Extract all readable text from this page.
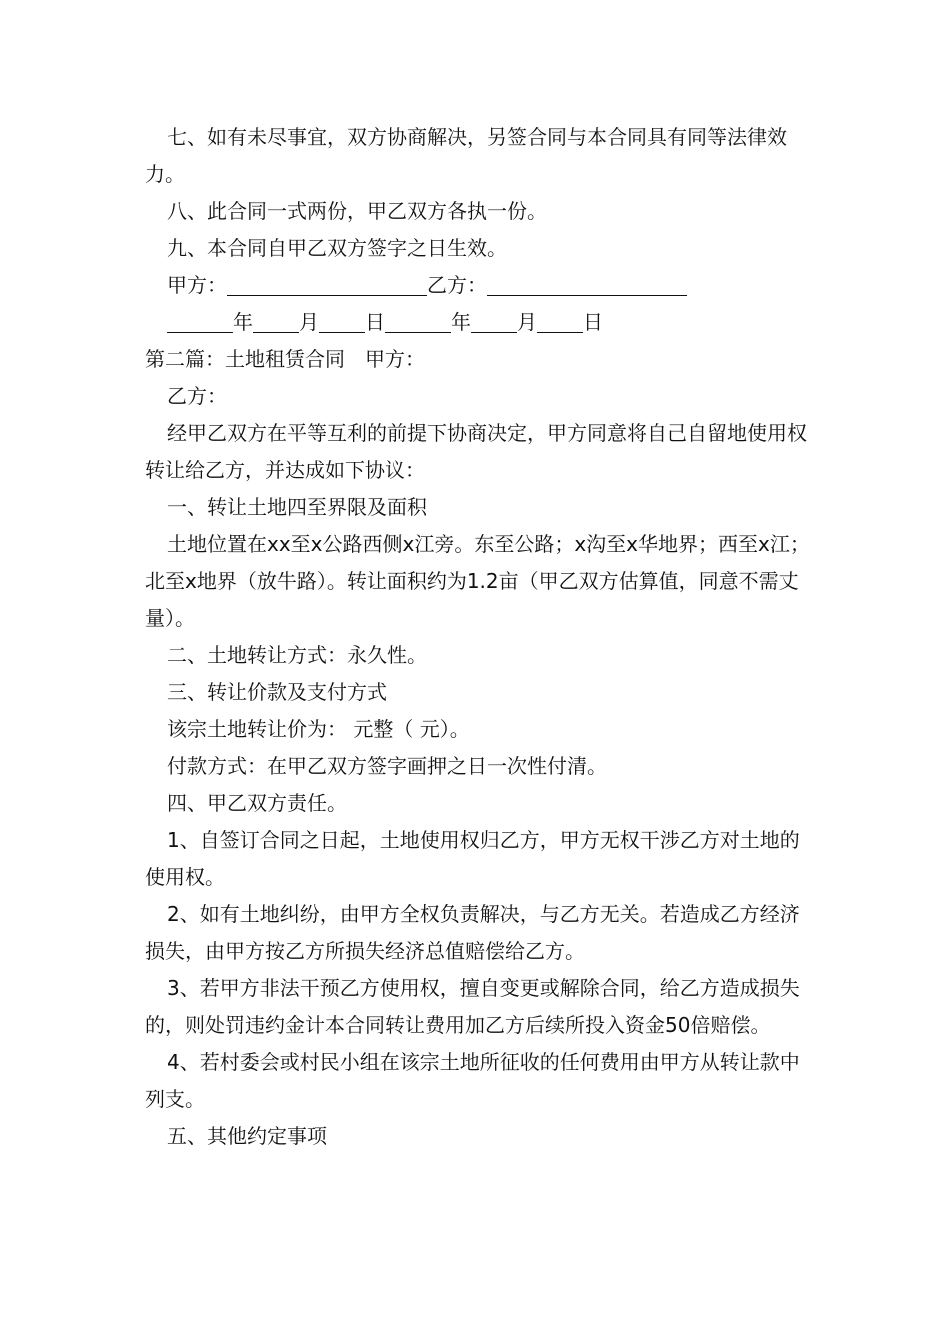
七、如有未尽事宜，双方协商解决，另签合同与本合同具有同等法律效力。

八、此合同一式两份，甲乙双方各执一份。

九、本合同自甲乙双方签字之日生效。

甲方：	乙方：

年 月 日	年 月 日

第二篇：土地租赁合同　 甲方：

乙方：

经甲乙双方在平等互利的前提下协商决定，甲方同意将自己自留地使用权转让给乙方，并达成如下协议：

一、转让土地四至界限及面积

土地位置在xx至x公路西侧x江旁。东至公路；x沟至x华地界；西至x江；北至x地界（放牛路）。转让面积约为1.2亩（甲乙双方估算值，同意不需丈量）。

二、土地转让方式：永久性。

三、转让价款及支付方式

该宗土地转让价为： 元整（ 元）。

付款方式：在甲乙双方签字画押之日一次性付清。

四、甲乙双方责任。

1、自签订合同之日起，土地使用权归乙方，甲方无权干涉乙方对土地的使用权。

2、如有土地纠纷，由甲方全权负责解决，与乙方无关。若造成乙方经济损失，由甲方按乙方所损失经济总值赔偿给乙方。

3、若甲方非法干预乙方使用权，擅自变更或解除合同，给乙方造成损失的，则处罚违约金计本合同转让费用加乙方后续所投入资金50倍赔偿。

4、若村委会或村民小组在该宗土地所征收的任何费用由甲方从转让款中列支。

五、其他约定事项
